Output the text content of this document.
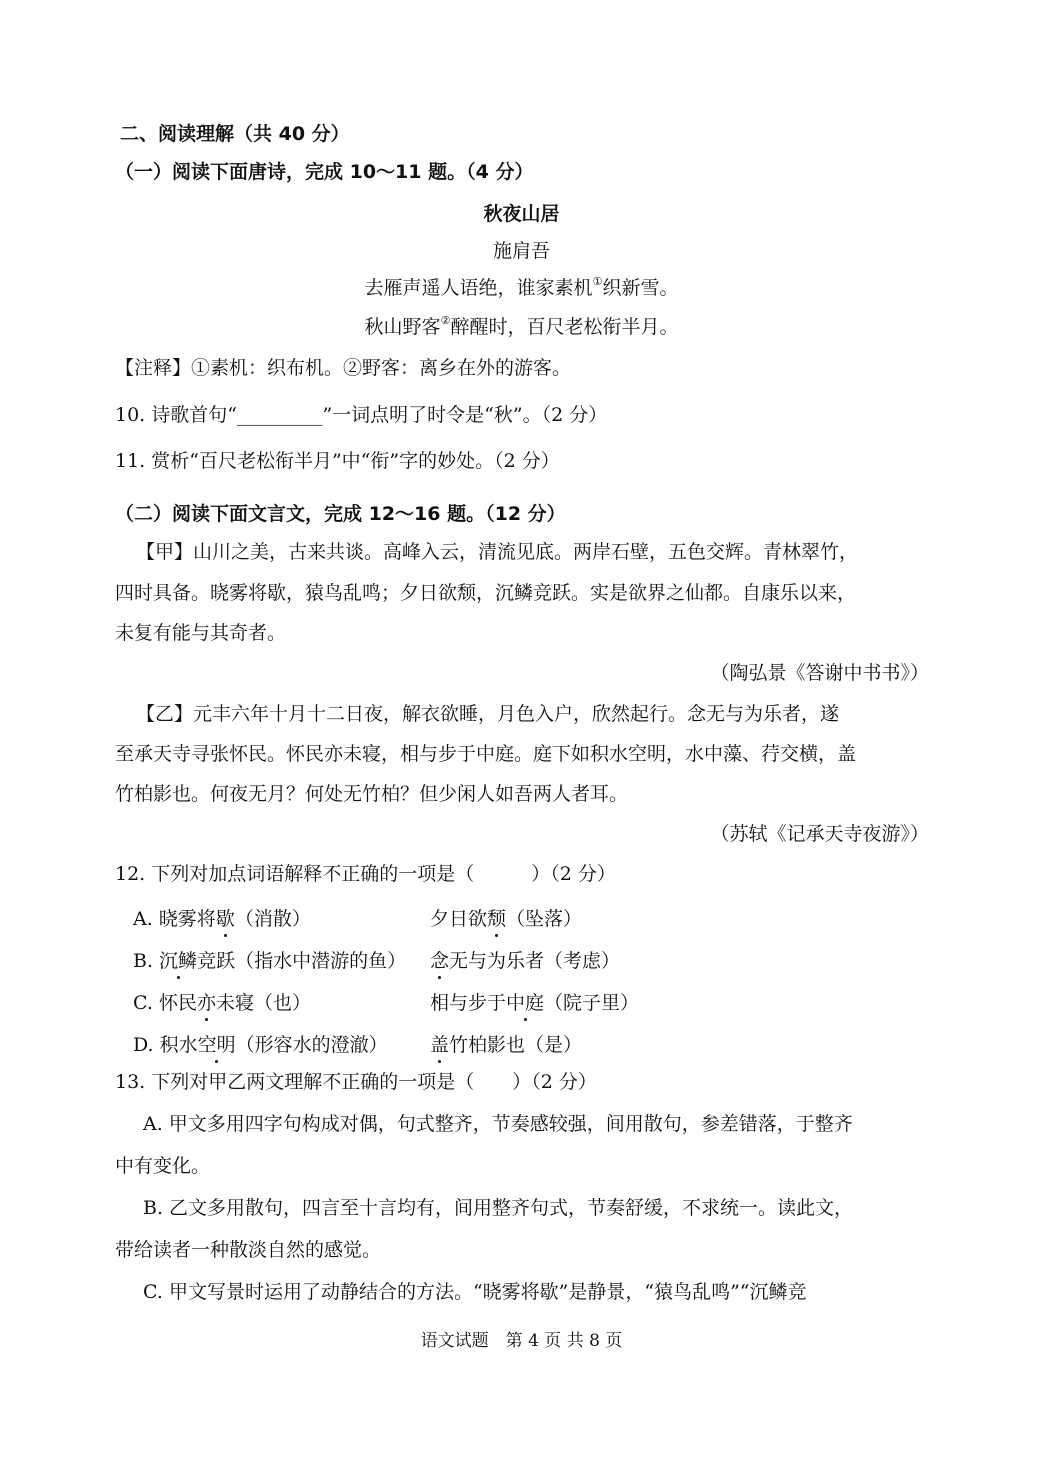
二、阅读理解（共 40 分）
（一）阅读下面唐诗，完成 10～11 题。（4 分）
秋夜山居
施肩吾
去雁声遥人语绝，谁家素机①织新雪。
秋山野客②醉醒时，百尺老松衔半月。
【注释】①素机：织布机。②野客：离乡在外的游客。
10. 诗歌首句“_________”一词点明了时令是“秋”。（2 分）
11. 赏析“百尺老松衔半月”中“衔”字的妙处。（2 分）
（二）阅读下面文言文，完成 12～16 题。（12 分）
【甲】山川之美，古来共谈。高峰入云，清流见底。两岸石壁，五色交辉。青林翠竹，
四时具备。晓雾将歇，猿鸟乱鸣；夕日欲颓，沉鳞竞跃。实是欲界之仙都。自康乐以来，
未复有能与其奇者。
（陶弘景《答谢中书书》）
【乙】元丰六年十月十二日夜，解衣欲睡，月色入户，欣然起行。念无与为乐者，遂
至承天寺寻张怀民。怀民亦未寝，相与步于中庭。庭下如积水空明，水中藻、荇交横，盖
竹柏影也。何夜无月？何处无竹柏？但少闲人如吾两人者耳。
（苏轼《记承天寺夜游》）
12. 下列对加点词语解释不正确的一项是（　　　）（2 分）
A. 晓雾将歇（消散）	夕日欲颓（坠落）
B. 沉鳞竞跃（指水中潜游的鱼） 念无与为乐者（考虑）
C. 怀民亦未寝（也）	相与步于中庭（院子里）
D. 积水空明（形容水的澄澈） 盖竹柏影也（是）
13. 下列对甲乙两文理解不正确的一项是（　　）（2 分）
A. 甲文多用四字句构成对偶，句式整齐，节奏感较强，间用散句，参差错落，于整齐
中有变化。
B. 乙文多用散句，四言至十言均有，间用整齐句式，节奏舒缓，不求统一。读此文，
带给读者一种散淡自然的感觉。
C. 甲文写景时运用了动静结合的方法。“晓雾将歇”是静景，“猿鸟乱鸣”“沉鳞竞
语文试题　第 4 页 共 8 页
